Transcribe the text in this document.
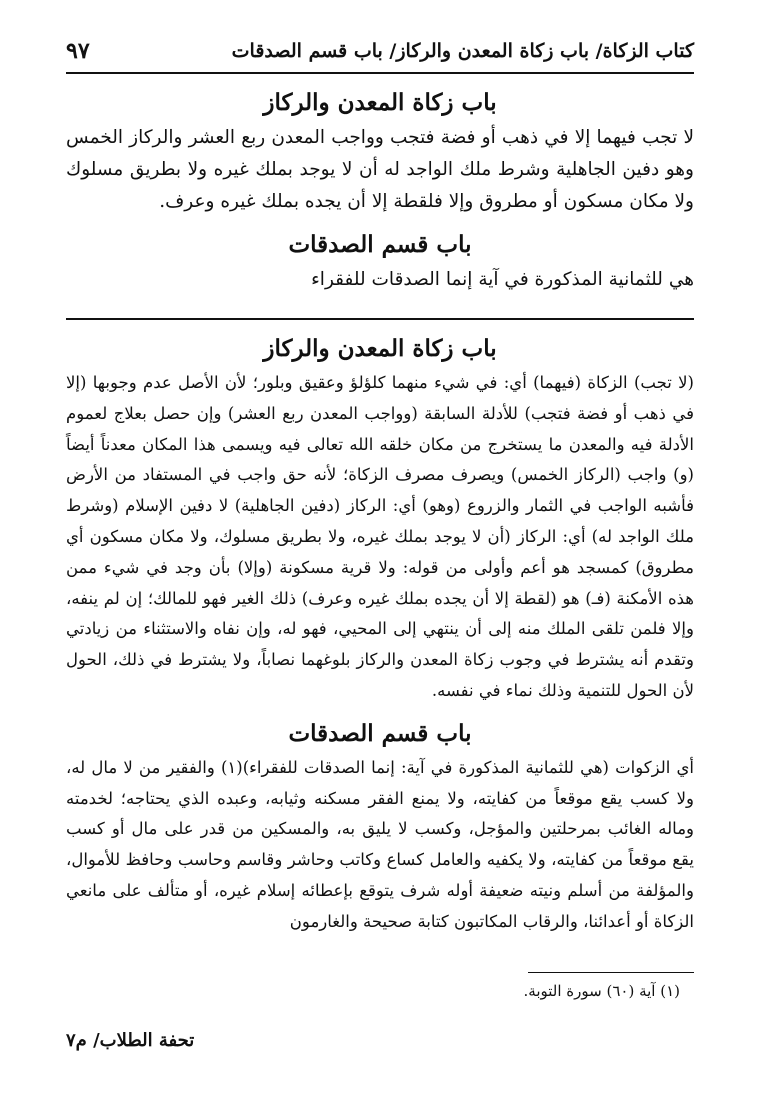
كتاب الزكاة/ باب زكاة المعدن والركاز/ باب قسم الصدقات
٩٧
باب زكاة المعدن والركاز

لا تجب فيهما إلا في ذهب أو فضة فتجب وواجب المعدن ربع العشر والركاز الخمس وهو دفين الجاهلية وشرط ملك الواجد له أن لا يوجد بملك غيره ولا بطريق مسلوك ولا مكان مسكون أو مطروق وإلا فلقطة إلا أن يجده بملك غيره وعرف.

باب قسم الصدقات

هي للثمانية المذكورة في آية إنما الصدقات للفقراء

باب زكاة المعدن والركاز

(لا تجب) الزكاة (فيهما) أي: في شيء منهما كلؤلؤ وعقيق وبلور؛ لأن الأصل عدم وجوبها (إلا في ذهب أو فضة فتجب) للأدلة السابقة (وواجب المعدن ربع العشر) وإن حصل بعلاج لعموم الأدلة فيه والمعدن ما يستخرج من مكان خلقه الله تعالى فيه ويسمى هذا المكان معدناً أيضاً (و) واجب (الركاز الخمس) ويصرف مصرف الزكاة؛ لأنه حق واجب في المستفاد من الأرض فأشبه الواجب في الثمار والزروع (وهو) أي: الركاز (دفين الجاهلية) لا دفين الإسلام (وشرط ملك الواجد له) أي: الركاز (أن لا يوجد بملك غيره، ولا بطريق مسلوك، ولا مكان مسكون أي مطروق) كمسجد هو أعم وأولى من قوله: ولا قرية مسكونة (وإلا) بأن وجد في شيء ممن هذه الأمكنة (فـ) هو (لقطة إلا أن يجده بملك غيره وعرف) ذلك الغير فهو للمالك؛ إن لم ينفه، وإلا فلمن تلقى الملك منه إلى أن ينتهي إلى المحيي، فهو له، وإن نفاه والاستثناء من زيادتي وتقدم أنه يشترط في وجوب زكاة المعدن والركاز بلوغهما نصاباً، ولا يشترط في ذلك، الحول لأن الحول للتنمية وذلك نماء في نفسه.

باب قسم الصدقات

أي الزكوات (هي للثمانية المذكورة في آية: إنما الصدقات للفقراء)(١) والفقير من لا مال له، ولا كسب يقع موقعاً من كفايته، ولا يمنع الفقر مسكنه وثيابه، وعبده الذي يحتاجه؛ لخدمته وماله الغائب بمرحلتين والمؤجل، وكسب لا يليق به، والمسكين من قدر على مال أو كسب يقع موقعاً من كفايته، ولا يكفيه والعامل كساع وكاتب وحاشر وقاسم وحاسب وحافظ للأموال، والمؤلفة من أسلم ونيته ضعيفة أوله شرف يتوقع بإعطائه إسلام غيره، أو متألف على مانعي الزكاة أو أعدائنا، والرقاب المكاتبون كتابة صحيحة والغارمون

(١) آية (٦٠) سورة التوبة.
تحفة الطلاب/ م٧
